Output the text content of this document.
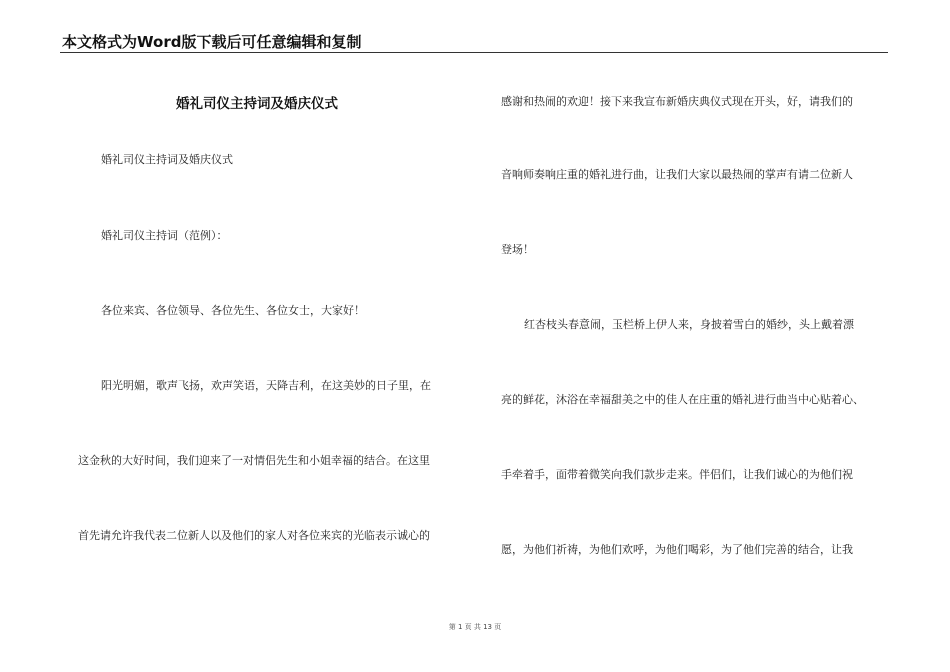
本文格式为Word版下载后可任意编辑和复制
婚礼司仪主持词及婚庆仪式
婚礼司仪主持词及婚庆仪式
婚礼司仪主持词（范例）：
各位来宾、各位领导、各位先生、各位女士，大家好！
阳光明媚，歌声飞扬，欢声笑语，天降吉利，在这美妙的日子里，在
这金秋的大好时间，我们迎来了一对情侣先生和小姐幸福的结合。在这里
首先请允许我代表二位新人以及他们的家人对各位来宾的光临表示诚心的
感谢和热闹的欢迎！接下来我宣布新婚庆典仪式现在开头，好，请我们的
音响师奏响庄重的婚礼进行曲，让我们大家以最热闹的掌声有请二位新人
登场！
红杏枝头春意闹，玉栏桥上伊人来，身披着雪白的婚纱，头上戴着漂
亮的鲜花，沐浴在幸福甜美之中的佳人在庄重的婚礼进行曲当中心贴着心、
手牵着手，面带着微笑向我们款步走来。伴侣们，让我们诚心的为他们祝
愿，为他们祈祷，为他们欢呼，为他们喝彩，为了他们完善的结合，让我
第 1 页 共 13 页
